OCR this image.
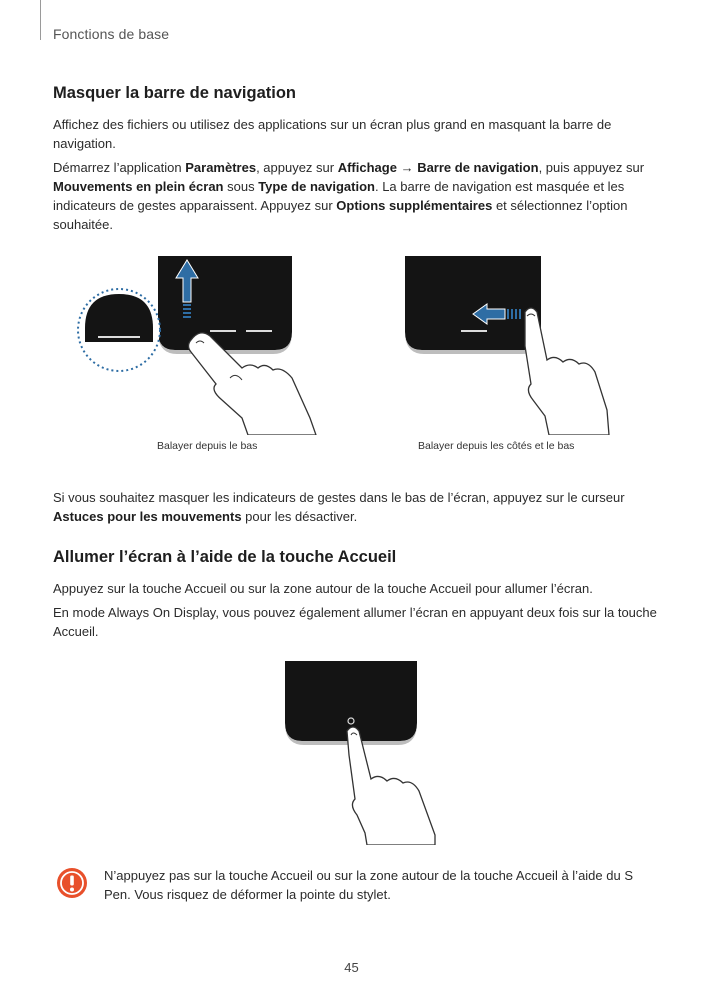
Fonctions de base
Masquer la barre de navigation
Affichez des fichiers ou utilisez des applications sur un écran plus grand en masquant la barre de navigation.
Démarrez l’application Paramètres, appuyez sur Affichage → Barre de navigation, puis appuyez sur Mouvements en plein écran sous Type de navigation. La barre de navigation est masquée et les indicateurs de gestes apparaissent. Appuyez sur Options supplémentaires et sélectionnez l’option souhaitée.
Balayer depuis le bas	Balayer depuis les côtés et le bas
Si vous souhaitez masquer les indicateurs de gestes dans le bas de l’écran, appuyez sur le curseur Astuces pour les mouvements pour les désactiver.
Allumer l’écran à l’aide de la touche Accueil
Appuyez sur la touche Accueil ou sur la zone autour de la touche Accueil pour allumer l’écran.
En mode Always On Display, vous pouvez également allumer l’écran en appuyant deux fois sur la touche Accueil.
N’appuyez pas sur la touche Accueil ou sur la zone autour de la touche Accueil à l’aide du S Pen. Vous risquez de déformer la pointe du stylet.
45
